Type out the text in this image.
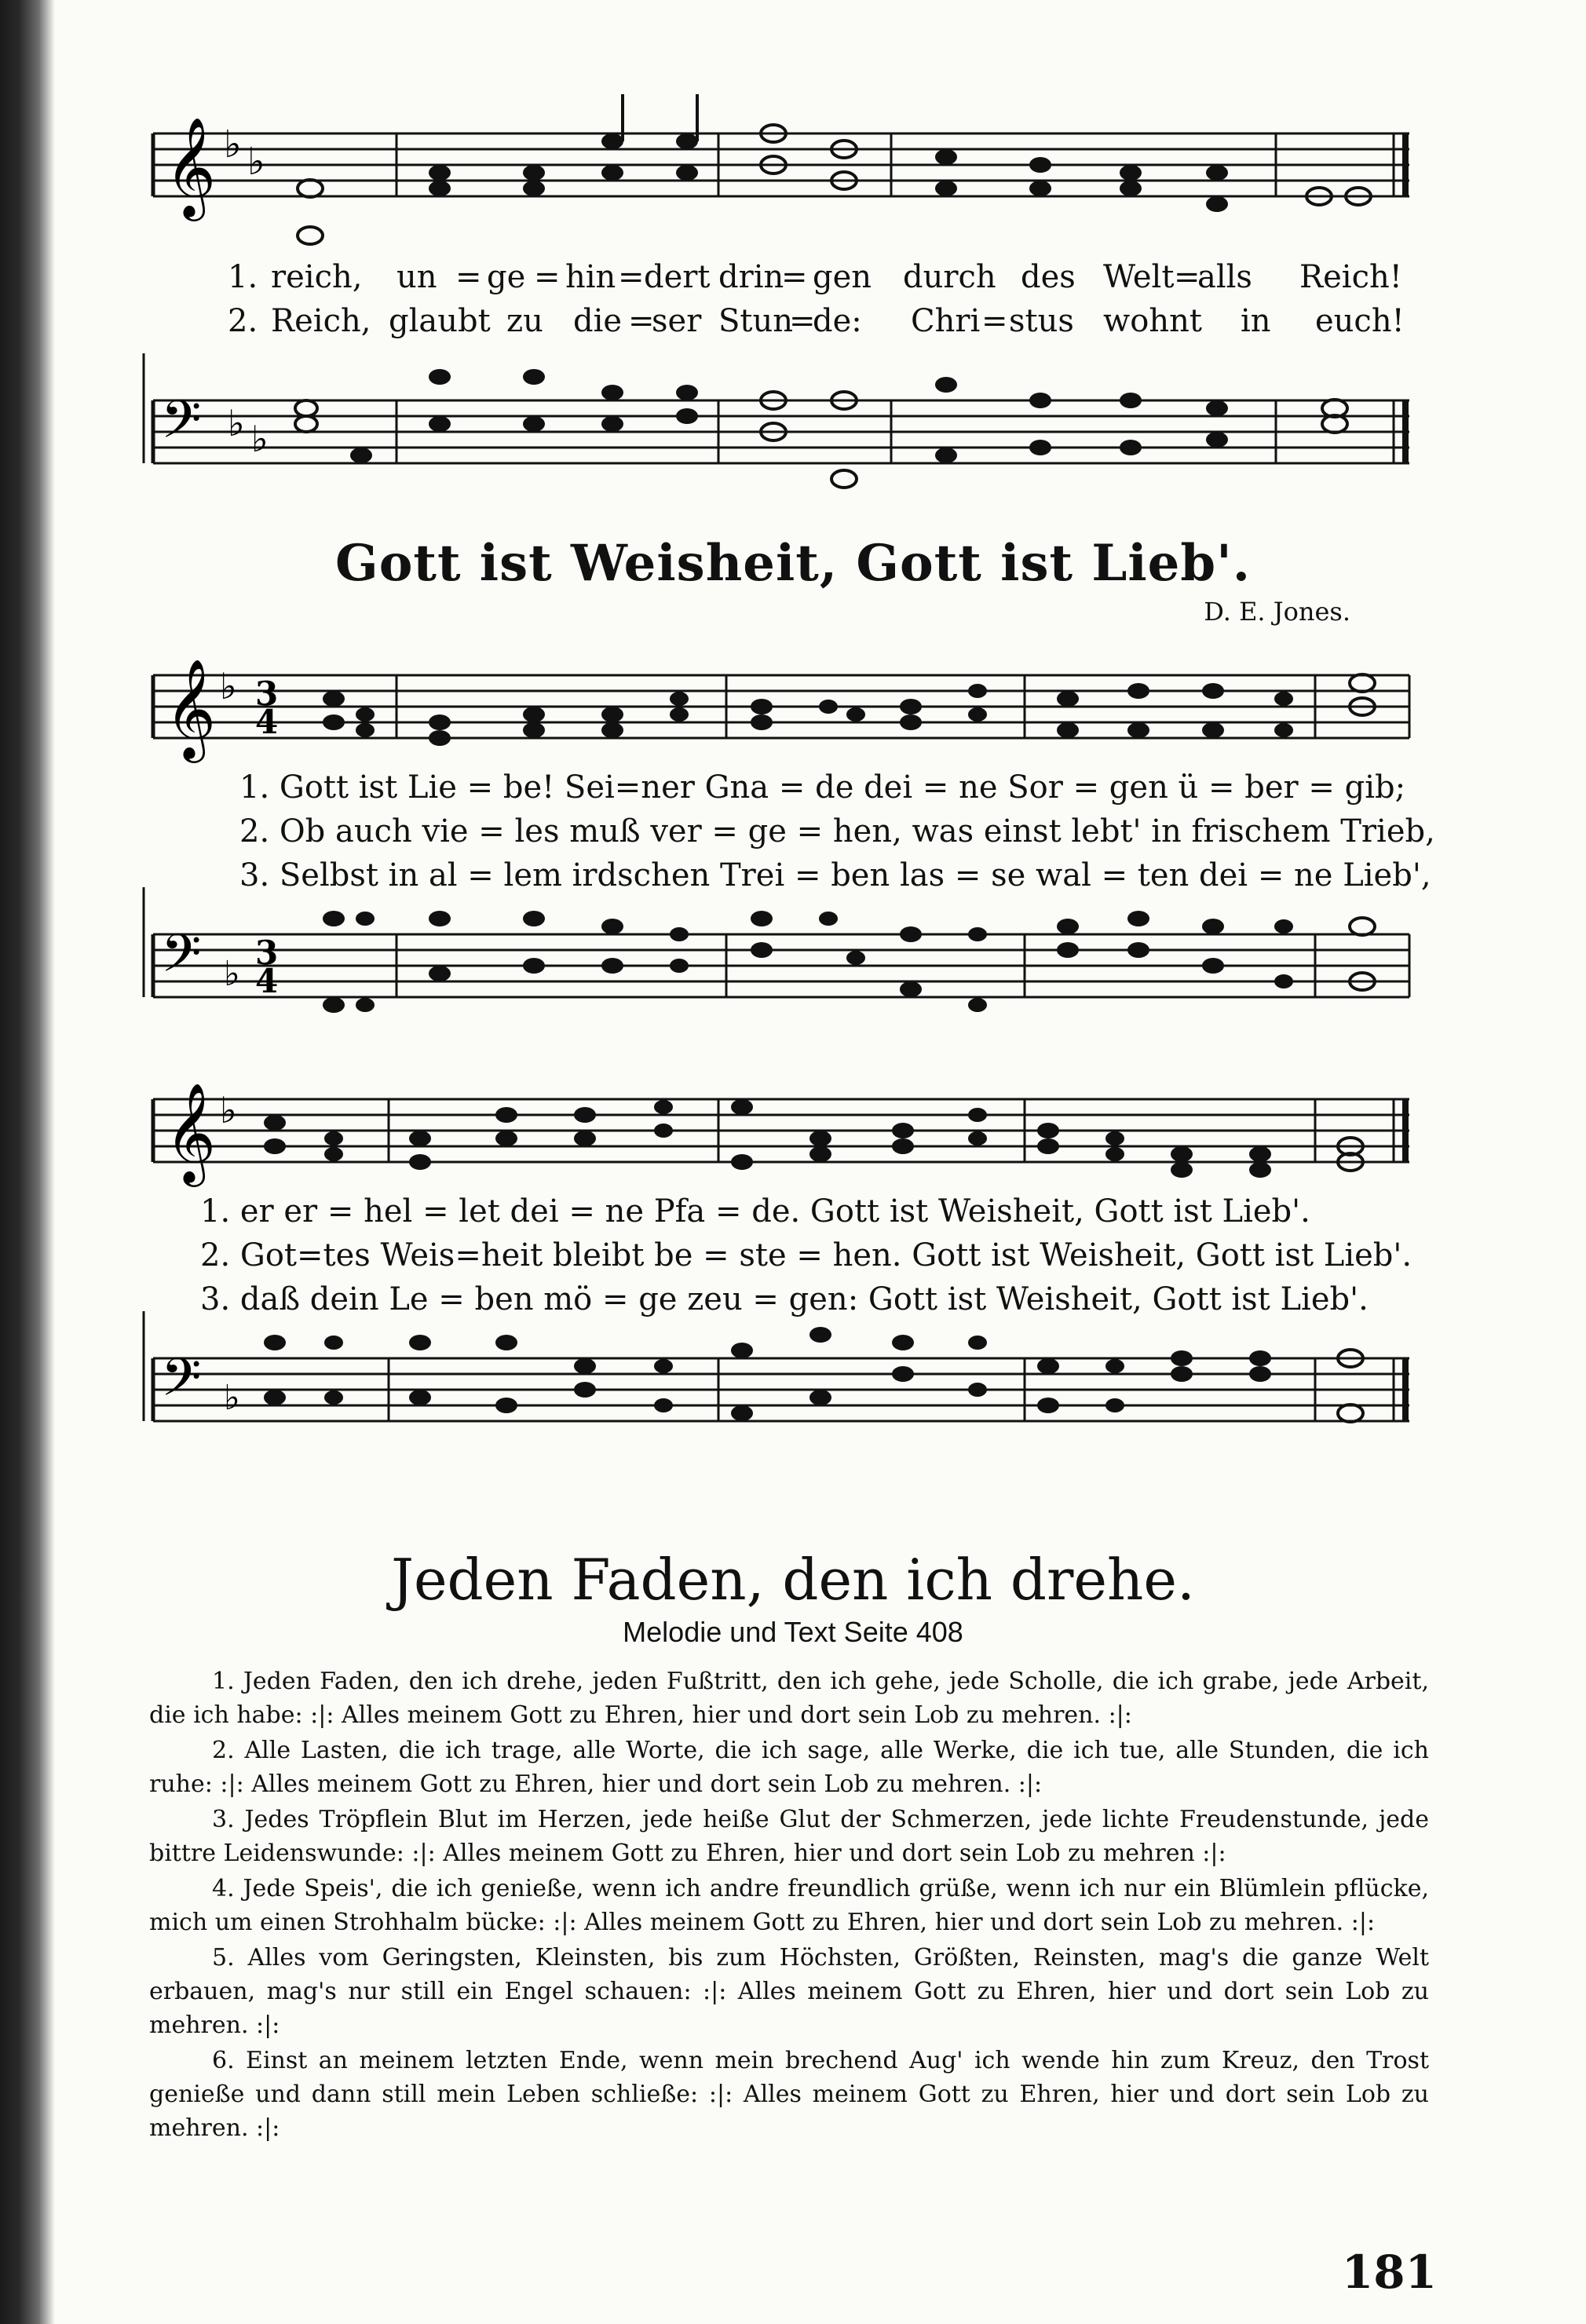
𝄞 ♭ ♭
1. reich, un = ge = hin = dert drin
= gen durch des Welt =
alls Reich!
2. Reich, glaubt zu die =
ser Stun
=
de: Chri = stus wohnt in euch!
𝄢 ♭ ♭
Gott ist Weisheit, Gott ist Lieb'.
D. E. Jones.
𝄞 ♭ 3
4
1. Gott ist Lie = be! Sei=ner Gna = de dei = ne Sor = gen ü = ber = gib;
2. Ob auch vie = les muß ver = ge = hen, was einst lebt' in frischem Trieb,
3. Selbst in al = lem irdschen Trei = ben las = se wal = ten dei = ne Lieb',
𝄢 ♭
3
4
𝄞 ♭
1. er er = hel = let dei = ne Pfa = de. Gott ist Weisheit, Gott ist Lieb'.
2. Got=tes Weis=heit bleibt be = ste = hen. Gott ist Weisheit, Gott ist Lieb'.
3. daß dein Le = ben mö = ge zeu = gen: Gott ist Weisheit, Gott ist Lieb'.
𝄢 ♭
Jeden Faden, den ich drehe.
Melodie und Text Seite 408

1. Jeden Faden, den ich drehe, jeden Fußtritt, den ich gehe, jede Scholle, die ich grabe, jede Arbeit, die ich habe: :|: Alles meinem Gott zu Ehren, hier und dort sein Lob zu mehren. :|:

2. Alle Lasten, die ich trage, alle Worte, die ich sage, alle Werke, die ich tue, alle Stunden, die ich ruhe: :|: Alles meinem Gott zu Ehren, hier und dort sein Lob zu mehren. :|:

3. Jedes Tröpflein Blut im Herzen, jede heiße Glut der Schmerzen, jede lichte Freudenstunde, jede bittre Leidenswunde: :|: Alles meinem Gott zu Ehren, hier und dort sein Lob zu mehren :|:

4. Jede Speis', die ich genieße, wenn ich andre freundlich grüße, wenn ich nur ein Blümlein pflücke, mich um einen Strohhalm bücke: :|: Alles meinem Gott zu Ehren, hier und dort sein Lob zu mehren. :|:

5. Alles vom Geringsten, Kleinsten, bis zum Höchsten, Größten, Reinsten, mag's die ganze Welt erbauen, mag's nur still ein Engel schauen: :|: Alles meinem Gott zu Ehren, hier und dort sein Lob zu mehren. :|:

6. Einst an meinem letzten Ende, wenn mein brechend Aug' ich wende hin zum Kreuz, den Trost genieße und dann still mein Leben schließe: :|: Alles meinem Gott zu Ehren, hier und dort sein Lob zu mehren. :|:

181
